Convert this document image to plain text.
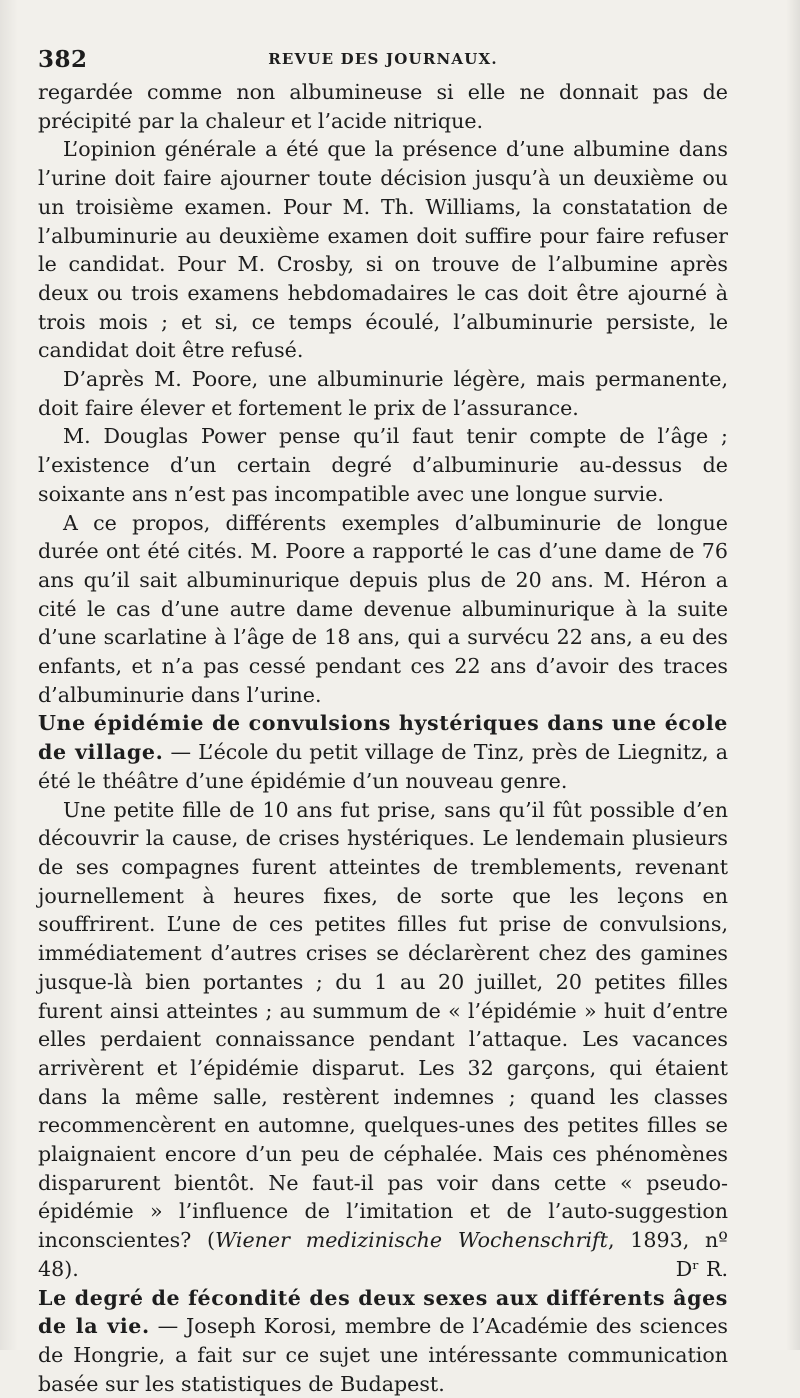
382	REVUE DES JOURNAUX.

regardée comme non albumineuse si elle ne donnait pas de précipité par la chaleur et l’acide nitrique.

L’opinion générale a été que la présence d’une albumine dans l’urine doit faire ajourner toute décision jusqu’à un deuxième ou un troisième examen. Pour M. Th. Williams, la constatation de l’albuminurie au deuxième examen doit suffire pour faire refuser le candidat. Pour M. Crosby, si on trouve de l’albumine après deux ou trois examens hebdomadaires le cas doit être ajourné à trois mois ; et si, ce temps écoulé, l’albuminurie persiste, le candidat doit être refusé.

D’après M. Poore, une albuminurie légère, mais permanente, doit faire élever et fortement le prix de l’assurance.

M. Douglas Power pense qu’il faut tenir compte de l’âge ; l’existence d’un certain degré d’albuminurie au-dessus de soixante ans n’est pas incompatible avec une longue survie.

A ce propos, différents exemples d’albuminurie de longue durée ont été cités. M. Poore a rapporté le cas d’une dame de 76 ans qu’il sait albuminurique depuis plus de 20 ans. M. Héron a cité le cas d’une autre dame devenue albuminurique à la suite d’une scarlatine à l’âge de 18 ans, qui a survécu 22 ans, a eu des enfants, et n’a pas cessé pendant ces 22 ans d’avoir des traces d’albuminurie dans l’urine.

Une épidémie de convulsions hystériques dans une école de village. — L’école du petit village de Tinz, près de Liegnitz, a été le théâtre d’une épidémie d’un nouveau genre.

Une petite fille de 10 ans fut prise, sans qu’il fût possible d’en découvrir la cause, de crises hystériques. Le lendemain plusieurs de ses compagnes furent atteintes de tremblements, revenant journellement à heures fixes, de sorte que les leçons en souffrirent. L’une de ces petites filles fut prise de convulsions, immédiatement d’autres crises se déclarèrent chez des gamines jusque-là bien portantes ; du 1 au 20 juillet, 20 petites filles furent ainsi atteintes ; au summum de « l’épidémie » huit d’entre elles perdaient connaissance pendant l’attaque. Les vacances arrivèrent et l’épidémie disparut. Les 32 garçons, qui étaient dans la même salle, restèrent indemnes ; quand les classes recommencèrent en automne, quelques-unes des petites filles se plaignaient encore d’un peu de céphalée. Mais ces phénomènes disparurent bientôt. Ne faut-il pas voir dans cette « pseudo-épidémie » l’influence de l’imitation et de l’auto-suggestion inconscientes? (Wiener medizinische Wochenschrift, 1893, nº 48).	Dʳ R.

Le degré de fécondité des deux sexes aux différents âges de la vie. — Joseph Korosi, membre de l’Académie des sciences de Hongrie, a fait sur ce sujet une intéressante communication basée sur les statistiques de Budapest.
